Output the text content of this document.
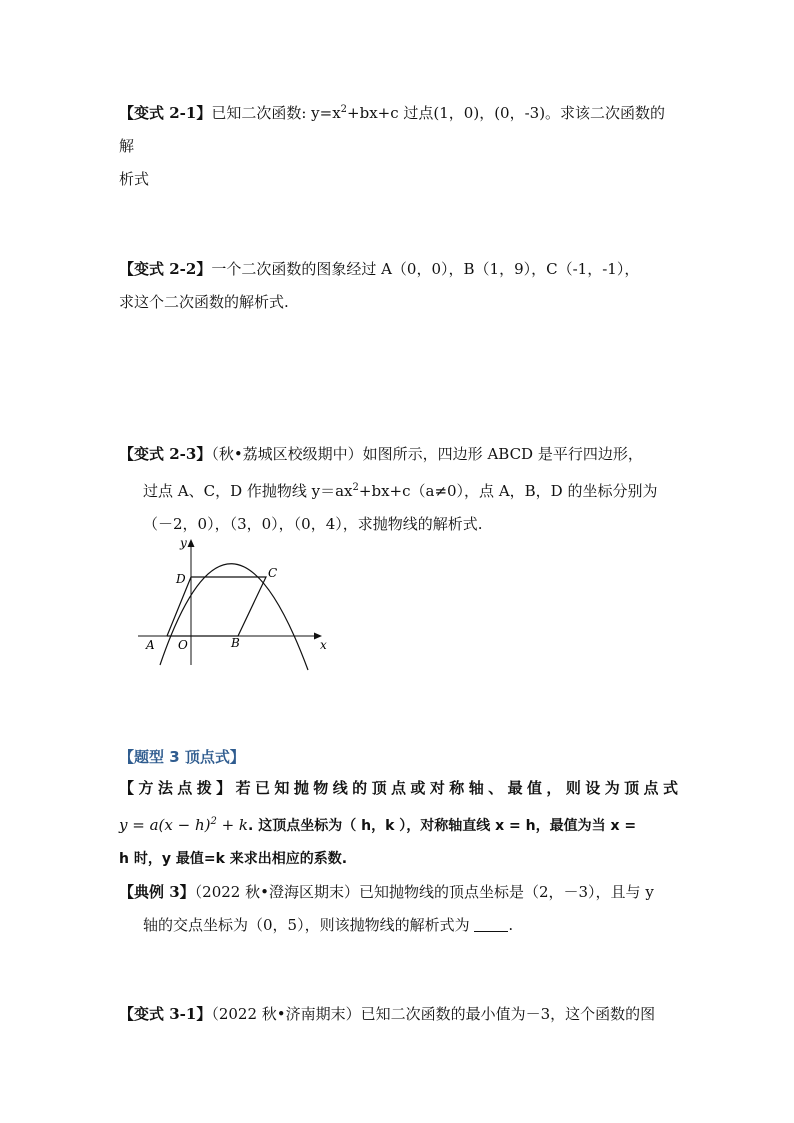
【变式 2-1】已知二次函数: $y=x^2+bx+c$ 过点(1，0)，(0，-3)。求该二次函数的解
析式
【变式 2-2】一个二次函数的图象经过 A（0，0），B（1，9），C（-1，-1），
求这个二次函数的解析式.
【变式 2-3】（秋•荔城区校级期中）如图所示，四边形 ABCD 是平行四边形，
过点 A、C，D 作抛物线 $y=ax^2+bx+c(a\ne 0)$，点 A，B，D 的坐标分别为
（－2，0），（3，0），（0，4），求抛物线的解析式.
y
x
D	C
A O	B
【题型 3 顶点式】
【方法点拨】若已知抛物线的顶点或对称轴、最值，则设为顶点式
$y = a(x - h)^2 + k$. 这顶点坐标为（ h，k ），对称轴直线 x = h，最值为当 x =
h 时，y 最值=k 来求出相应的系数.
【典例 3】（2022 秋•澄海区期末）已知抛物线的顶点坐标是（2，－3），且与 y
轴的交点坐标为（0，5），则该抛物线的解析式为	.
【变式 3-1】（2022 秋•济南期末）已知二次函数的最小值为－3，这个函数的图
